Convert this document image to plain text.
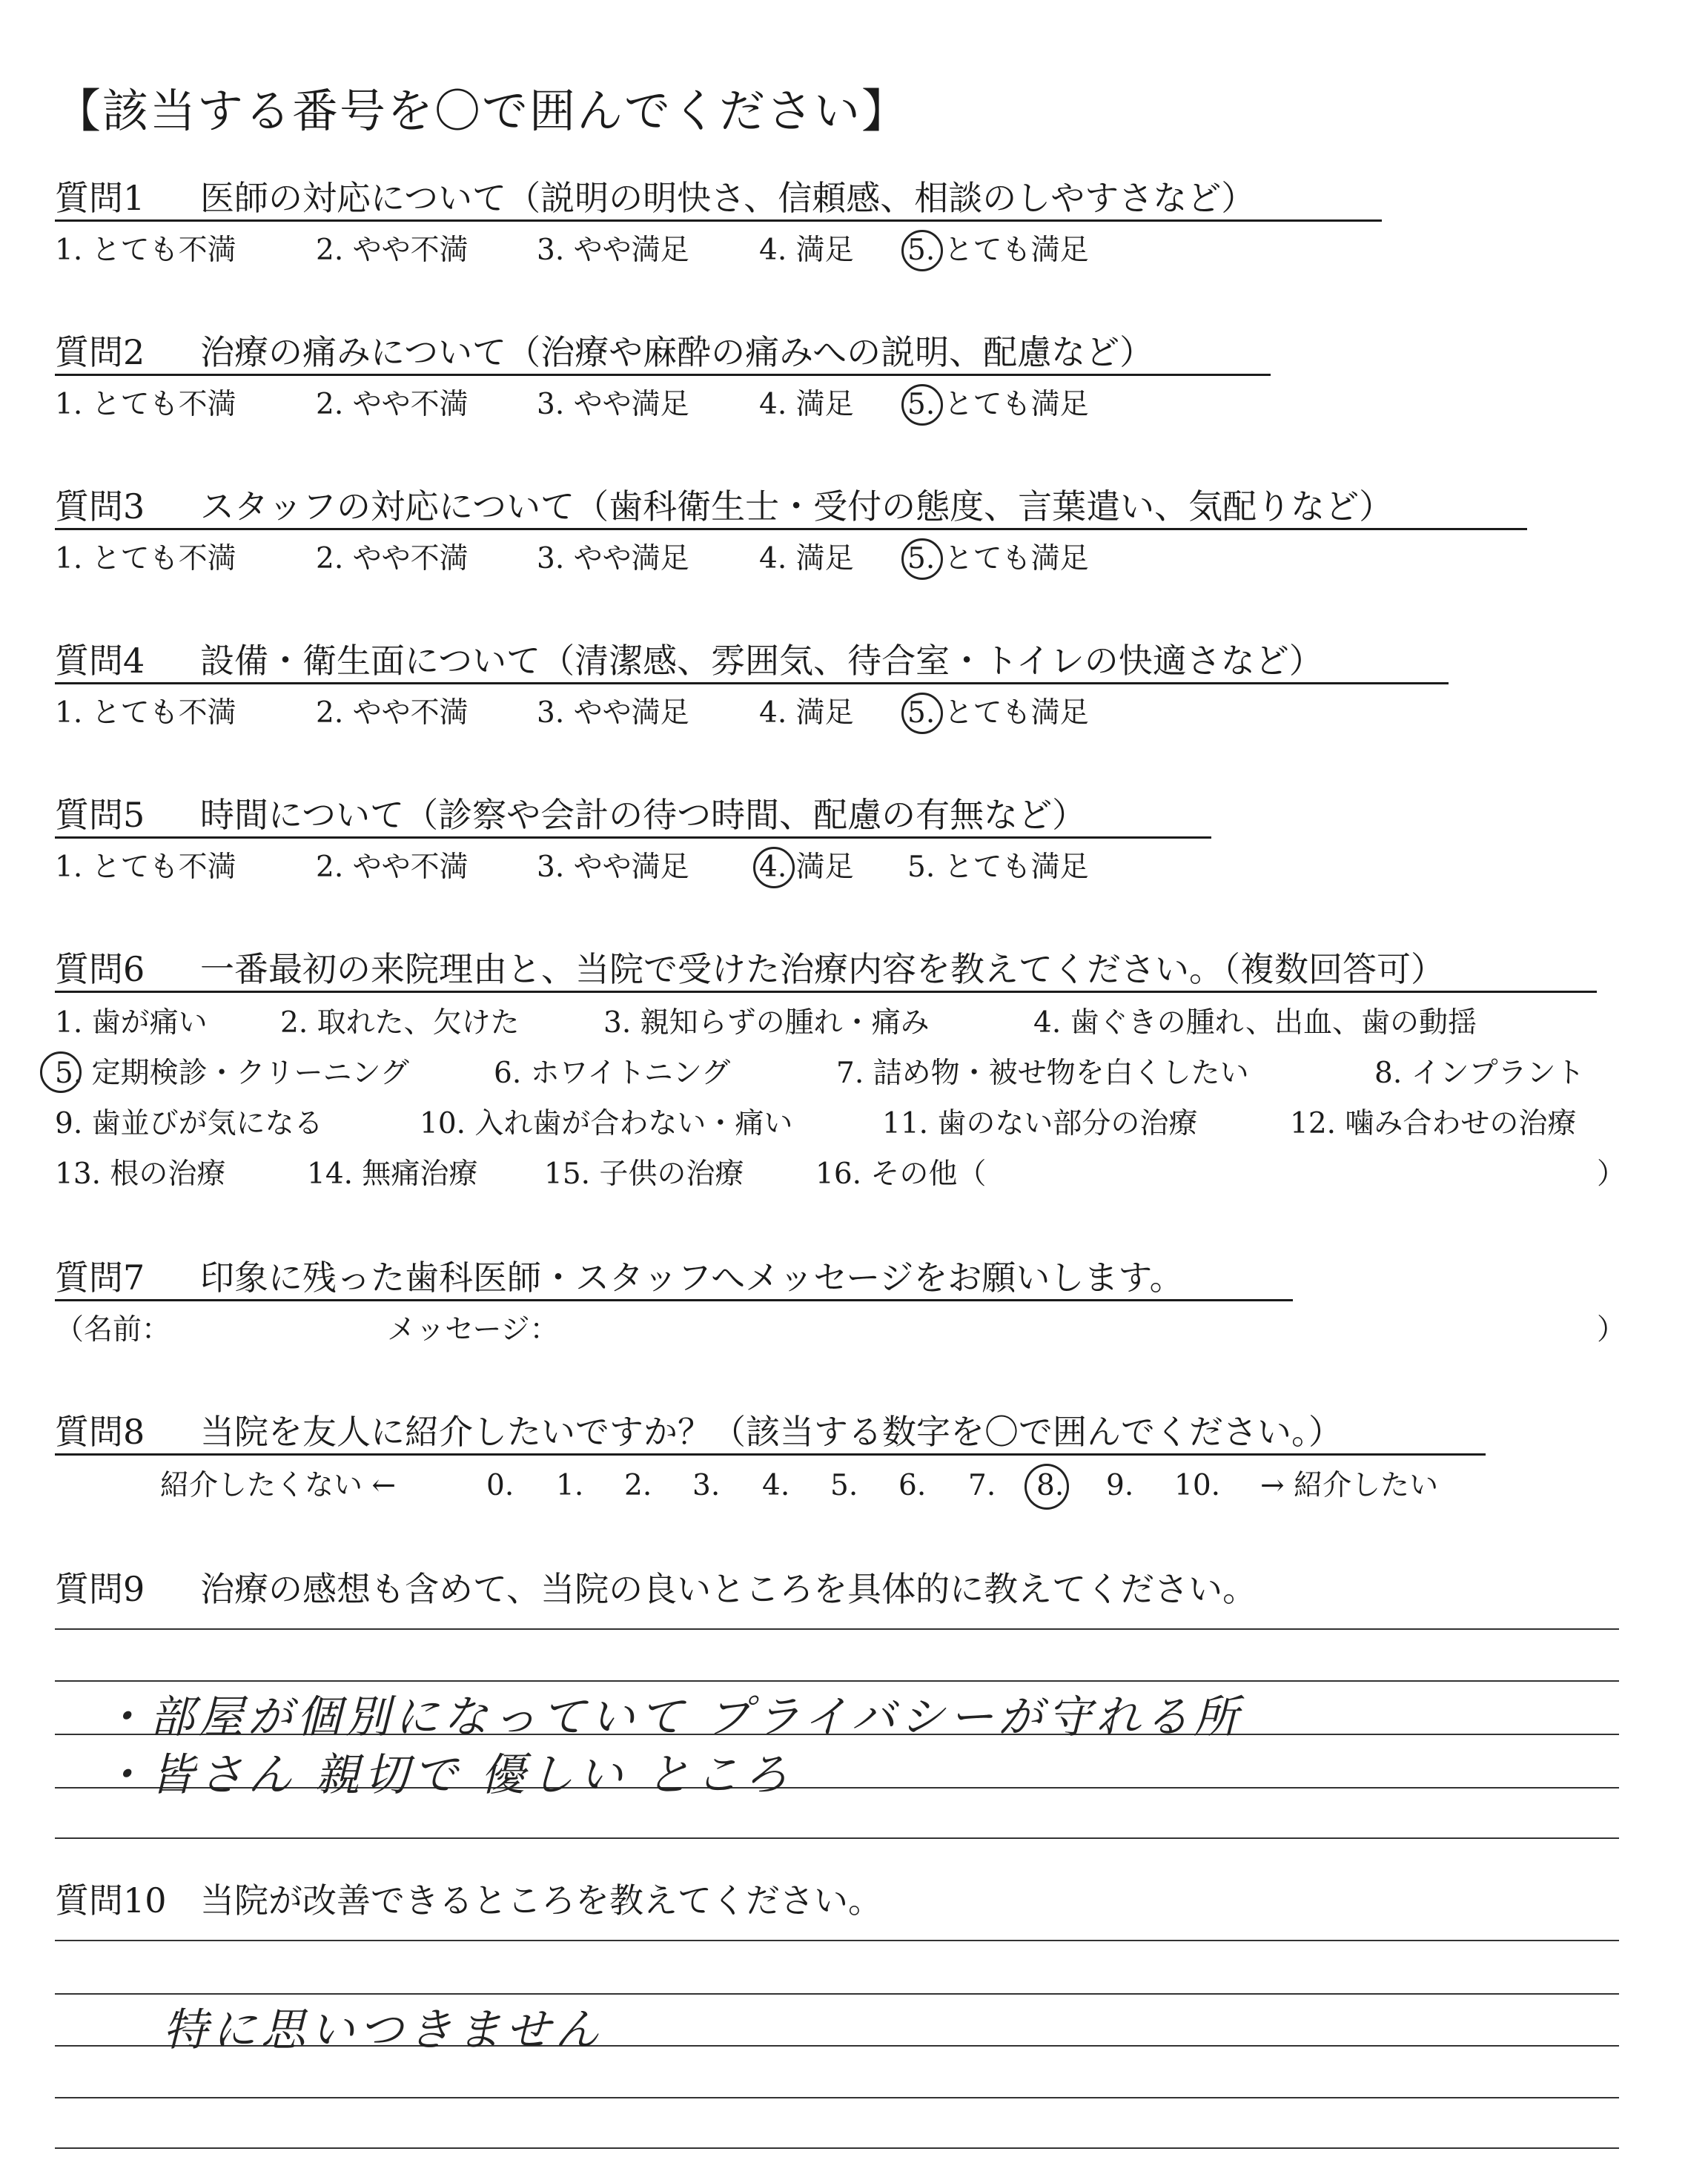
【該当する番号を〇で囲んでください】
質問1 医師の対応について（説明の明快さ、信頼感、相談のしやすさなど）
1. とても不満	2. やや不満 3. やや満足 4. 満足 5. とても満足
質問2 治療の痛みについて（治療や麻酔の痛みへの説明、配慮など）
1. とても不満	2. やや不満 3. やや満足 4. 満足 5. とても満足
質問3 スタッフの対応について（歯科衛生士・受付の態度、言葉遣い、気配りなど）
1. とても不満	2. やや不満 3. やや満足 4. 満足 5. とても満足
質問4 設備・衛生面について（清潔感、雰囲気、待合室・トイレの快適さなど）
1. とても不満	2. やや不満 3. やや満足 4. 満足 5. とても満足
質問5 時間について（診察や会計の待つ時間、配慮の有無など）
1. とても不満	2. やや不満 3. やや満足 4. 満足 5. とても満足
質問6 一番最初の来院理由と、当院で受けた治療内容を教えてください。（複数回答可）
1. 歯が痛い	2. 取れた、欠けた	3. 親知らずの腫れ・痛み	4. 歯ぐきの腫れ、出血、歯の動揺
5. 定期検診・クリーニング	6. ホワイトニング	7. 詰め物・被せ物を白くしたい	8. インプラント
9. 歯並びが気になる	10. 入れ歯が合わない・痛い	11. 歯のない部分の治療	12. 噛み合わせの治療
13. 根の治療	14. 無痛治療 15. 子供の治療 16. その他（	）
質問7 印象に残った歯科医師・スタッフへメッセージをお願いします。
（名前：	メッセージ：	）
質問8 当院を友人に紹介したいですか？（該当する数字を〇で囲んでください。）
紹介したくない ←	0. 1. 2. 3. 4. 5. 6. 7. 8. 9. 10. → 紹介したい
質問9 治療の感想も含めて、当院の良いところを具体的に教えてください。
・部屋が個別になっていて プライバシーが守れる所
・皆さん 親切で 優しい ところ
質問10 当院が改善できるところを教えてください。
特に思いつきません
